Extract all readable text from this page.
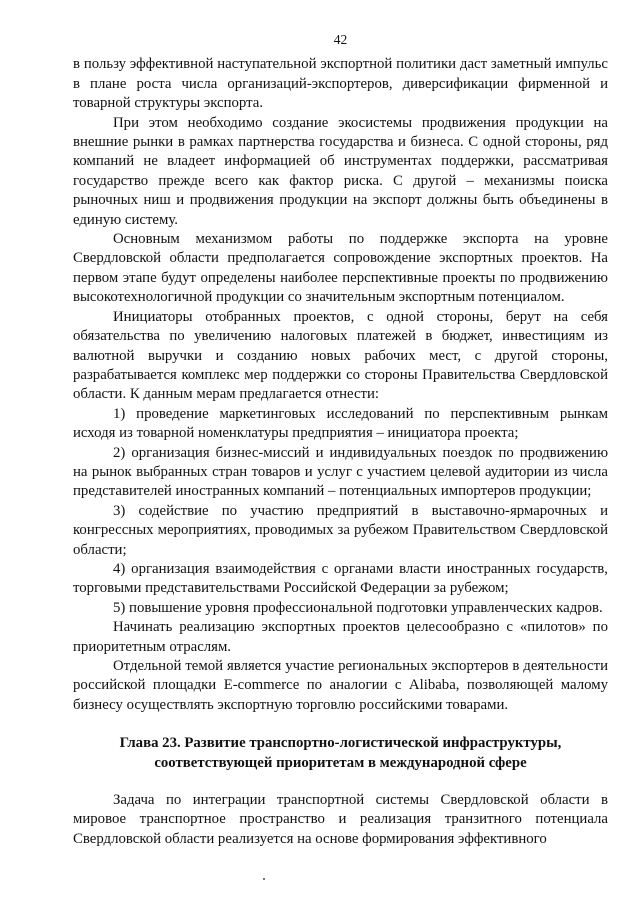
42

в пользу эффективной наступательной экспортной политики даст заметный импульс в плане роста числа организаций-экспортеров, диверсификации фирменной и товарной структуры экспорта.

При этом необходимо создание экосистемы продвижения продукции на внешние рынки в рамках партнерства государства и бизнеса. С одной стороны, ряд компаний не владеет информацией об инструментах поддержки, рассматривая государство прежде всего как фактор риска. С другой – механизмы поиска рыночных ниш и продвижения продукции на экспорт должны быть объединены в единую систему.

Основным механизмом работы по поддержке экспорта на уровне Свердловской области предполагается сопровождение экспортных проектов. На первом этапе будут определены наиболее перспективные проекты по продвижению высокотехнологичной продукции со значительным экспортным потенциалом.

Инициаторы отобранных проектов, с одной стороны, берут на себя обязательства по увеличению налоговых платежей в бюджет, инвестициям из валютной выручки и созданию новых рабочих мест, с другой стороны, разрабатывается комплекс мер поддержки со стороны Правительства Свердловской области. К данным мерам предлагается отнести:

1) проведение маркетинговых исследований по перспективным рынкам исходя из товарной номенклатуры предприятия – инициатора проекта;

2) организация бизнес-миссий и индивидуальных поездок по продвижению на рынок выбранных стран товаров и услуг с участием целевой аудитории из числа представителей иностранных компаний – потенциальных импортеров продукции;

3) содействие по участию предприятий в выставочно-ярмарочных и конгрессных мероприятиях, проводимых за рубежом Правительством Свердловской области;

4) организация взаимодействия с органами власти иностранных государств, торговыми представительствами Российской Федерации за рубежом;

5) повышение уровня профессиональной подготовки управленческих кадров.

Начинать реализацию экспортных проектов целесообразно с «пилотов» по приоритетным отраслям.

Отдельной темой является участие региональных экспортеров в деятельности российской площадки E-commerce по аналогии с Alibaba, позволяющей малому бизнесу осуществлять экспортную торговлю российскими товарами.

Глава 23. Развитие транспортно-логистической инфраструктуры,
соответствующей приоритетам в международной сфере

Задача по интеграции транспортной системы Свердловской области в мировое транспортное пространство и реализация транзитного потенциала Свердловской области реализуется на основе формирования эффективного
